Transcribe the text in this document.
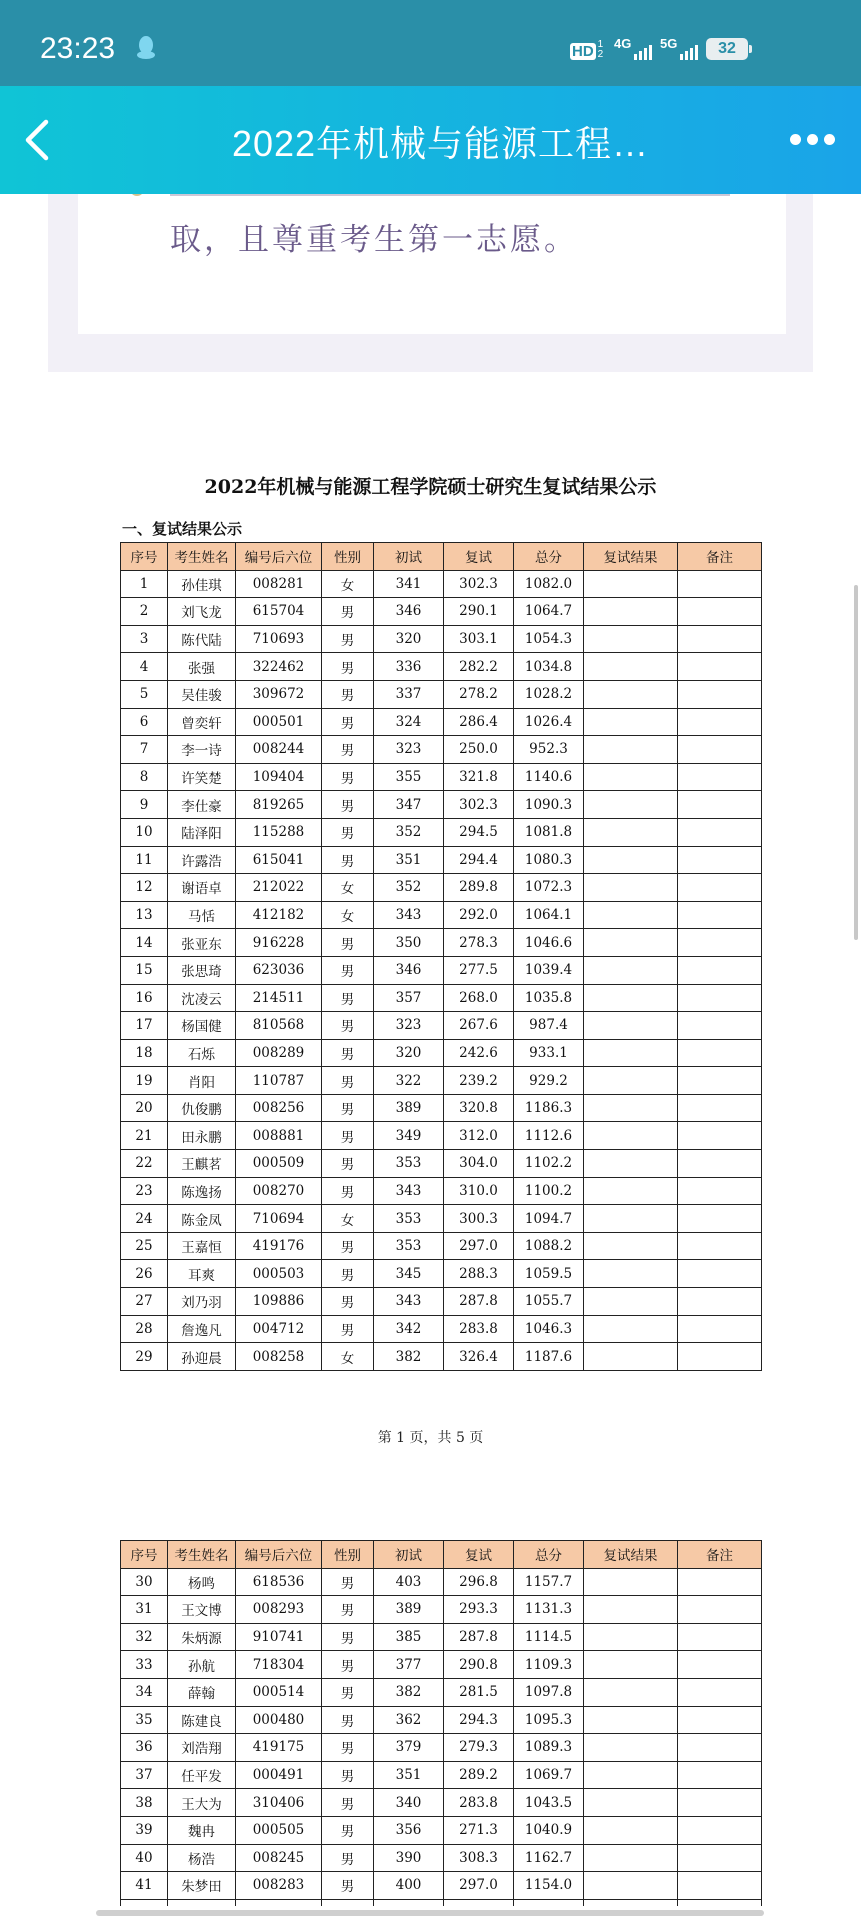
23:23	HD 1 2
4G 5G	32
2022年机械与能源工程…
取，且尊重考生第一志愿。
2022年机械与能源工程学院硕士研究生复试结果公示
一、复试结果公示
序号	考生姓名	编号后六位	性别	初试	复试	总分	复试结果	备注
1	孙佳琪	008281	女	341	302.3	1082.0		
2	刘飞龙	615704	男	346	290.1	1064.7		
3	陈代陆	710693	男	320	303.1	1054.3		
4	张强	322462	男	336	282.2	1034.8		
5	吴佳骏	309672	男	337	278.2	1028.2		
6	曾奕轩	000501	男	324	286.4	1026.4		
7	李一诗	008244	男	323	250.0	952.3		
8	许笑楚	109404	男	355	321.8	1140.6		
9	李仕豪	819265	男	347	302.3	1090.3		
10	陆泽阳	115288	男	352	294.5	1081.8		
11	许露浩	615041	男	351	294.4	1080.3		
12	谢语卓	212022	女	352	289.8	1072.3		
13	马恬	412182	女	343	292.0	1064.1		
14	张亚东	916228	男	350	278.3	1046.6		
15	张思琦	623036	男	346	277.5	1039.4		
16	沈凌云	214511	男	357	268.0	1035.8		
17	杨国健	810568	男	323	267.6	987.4		
18	石烁	008289	男	320	242.6	933.1		
19	肖阳	110787	男	322	239.2	929.2		
20	仇俊鹏	008256	男	389	320.8	1186.3		
21	田永鹏	008881	男	349	312.0	1112.6		
22	王麒茗	000509	男	353	304.0	1102.2		
23	陈逸扬	008270	男	343	310.0	1100.2		
24	陈金凤	710694	女	353	300.3	1094.7		
25	王嘉恒	419176	男	353	297.0	1088.2		
26	耳爽	000503	男	345	288.3	1059.5		
27	刘乃羽	109886	男	343	287.8	1055.7		
28	詹逸凡	004712	男	342	283.8	1046.3		
29	孙迎晨	008258	女	382	326.4	1187.6		
第 1 页，共 5 页
序号	考生姓名	编号后六位	性别	初试	复试	总分	复试结果	备注
30	杨鸣	618536	男	403	296.8	1157.7		
31	王文博	008293	男	389	293.3	1131.3		
32	朱炳源	910741	男	385	287.8	1114.5		
33	孙航	718304	男	377	290.8	1109.3		
34	薛翰	000514	男	382	281.5	1097.8		
35	陈建良	000480	男	362	294.3	1095.3		
36	刘浩翔	419175	男	379	279.3	1089.3		
37	任平发	000491	男	351	289.2	1069.7		
38	王大为	310406	男	340	283.8	1043.5		
39	魏冉	000505	男	356	271.3	1040.9		
40	杨浩	008245	男	390	308.3	1162.7		
41	朱梦田	008283	男	400	297.0	1154.0		
